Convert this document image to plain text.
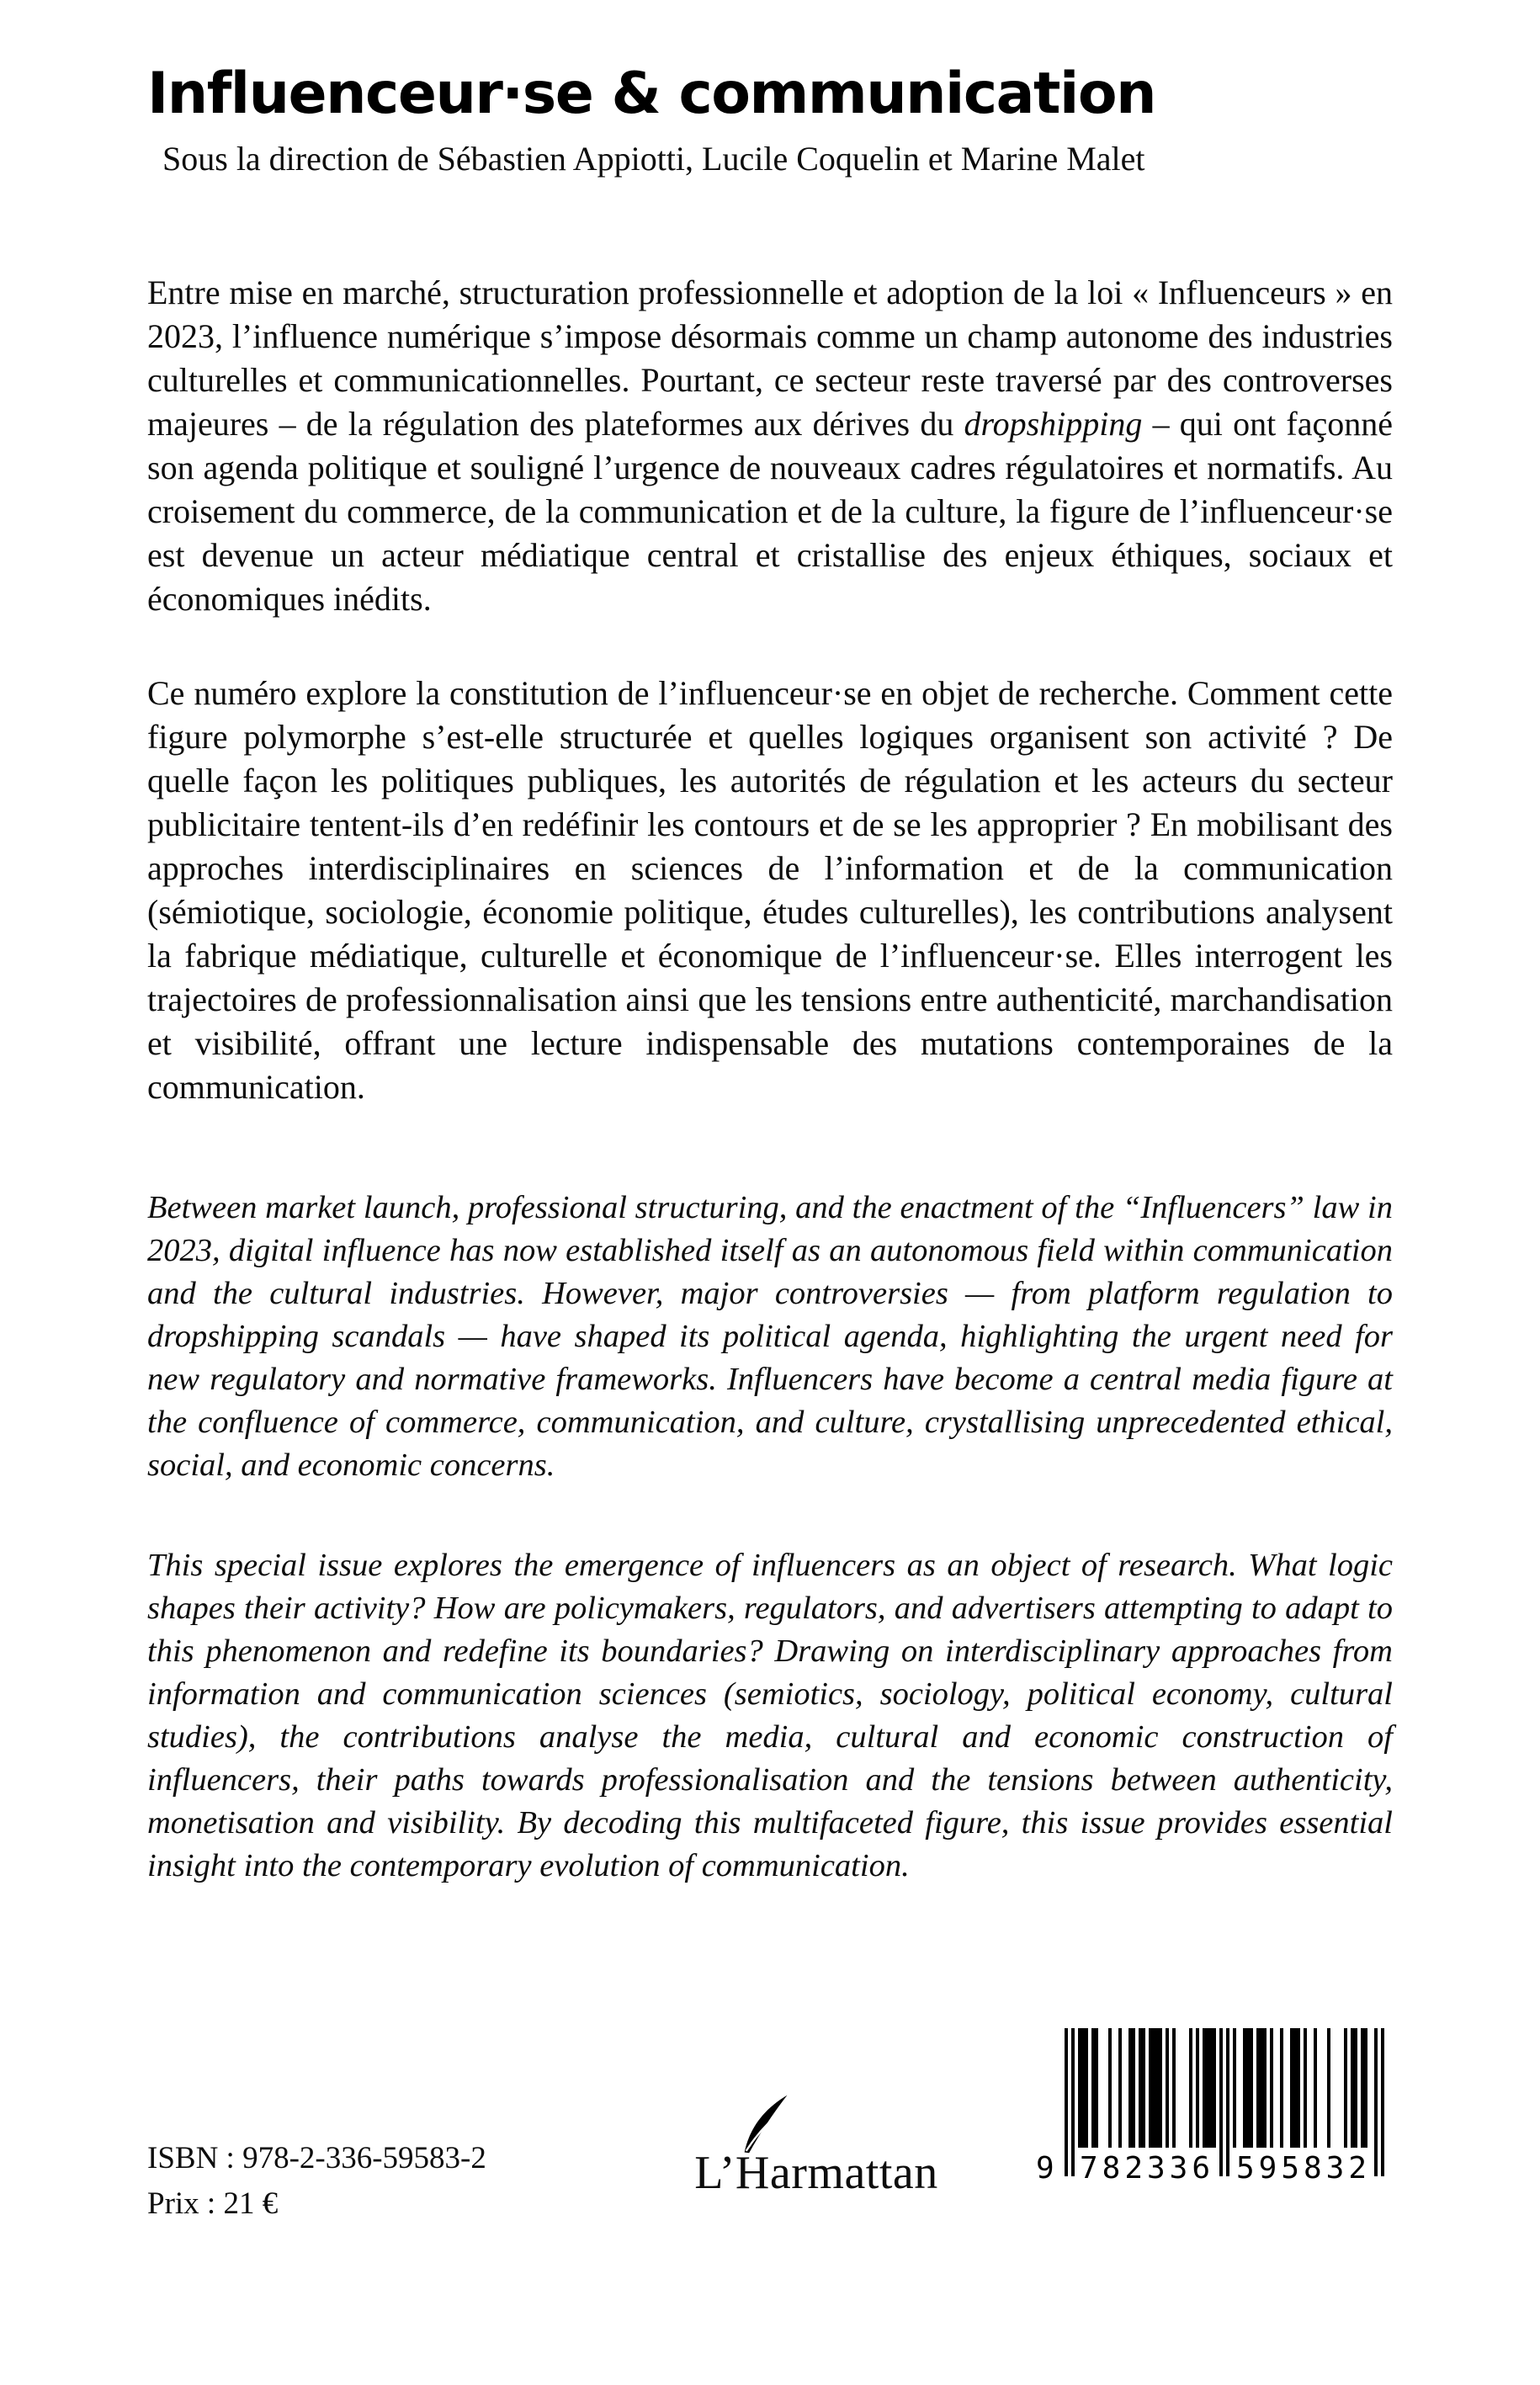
Influenceur·se & communication
Sous la direction de Sébastien Appiotti, Lucile Coquelin et Marine Malet

Entre mise en marché, structuration professionnelle et adoption de la loi « Influenceurs » en 2023, l’influence numérique s’impose désormais comme un champ autonome des industries culturelles et communicationnelles. Pourtant, ce secteur reste traversé par des controverses majeures – de la régulation des plateformes aux dérives du dropshipping – qui ont façonné son agenda politique et souligné l’urgence de nouveaux cadres régulatoires et normatifs. Au croisement du commerce, de la communication et de la culture, la figure de l’influenceur·se est devenue un acteur médiatique central et cristallise des enjeux éthiques, sociaux et économiques inédits.

Ce numéro explore la constitution de l’influenceur·se en objet de recherche. Comment cette figure polymorphe s’est-elle structurée et quelles logiques organisent son activité ? De quelle façon les politiques publiques, les autorités de régulation et les acteurs du secteur publicitaire tentent-ils d’en redéfinir les contours et de se les approprier ? En mobilisant des approches interdisciplinaires en sciences de l’information et de la communication (sémiotique, sociologie, économie politique, études culturelles), les contributions analysent la fabrique médiatique, culturelle et économique de l’influenceur·se. Elles interrogent les trajectoires de professionnalisation ainsi que les tensions entre authenticité, marchandisation et visibilité, offrant une lecture indispensable des mutations contemporaines de la communication.

Between market launch, professional structuring, and the enactment of the “Influencers” law in 2023, digital influence has now established itself as an autonomous field within communication and the cultural industries. However, major controversies — from platform regulation to dropshipping scandals — have shaped its political agenda, highlighting the urgent need for new regulatory and normative frameworks. Influencers have become a central media figure at the confluence of commerce, communication, and culture, crystallising unprecedented ethical, social, and economic concerns.

This special issue explores the emergence of influencers as an object of research. What logic shapes their activity? How are policymakers, regulators, and advertisers attempting to adapt to this phenomenon and redefine its boundaries? Drawing on interdisciplinary approaches from information and communication sciences (semiotics, sociology, political economy, cultural studies), the contributions analyse the media, cultural and economic construction of influencers, their paths towards professionalisation and the tensions between authenticity, monetisation and visibility. By decoding this multifaceted figure, this issue provides essential insight into the contemporary evolution of communication.

ISBN : 978-2-336-59583-2
Prix : 21 €
L’Harmattan	9 782336 595832
